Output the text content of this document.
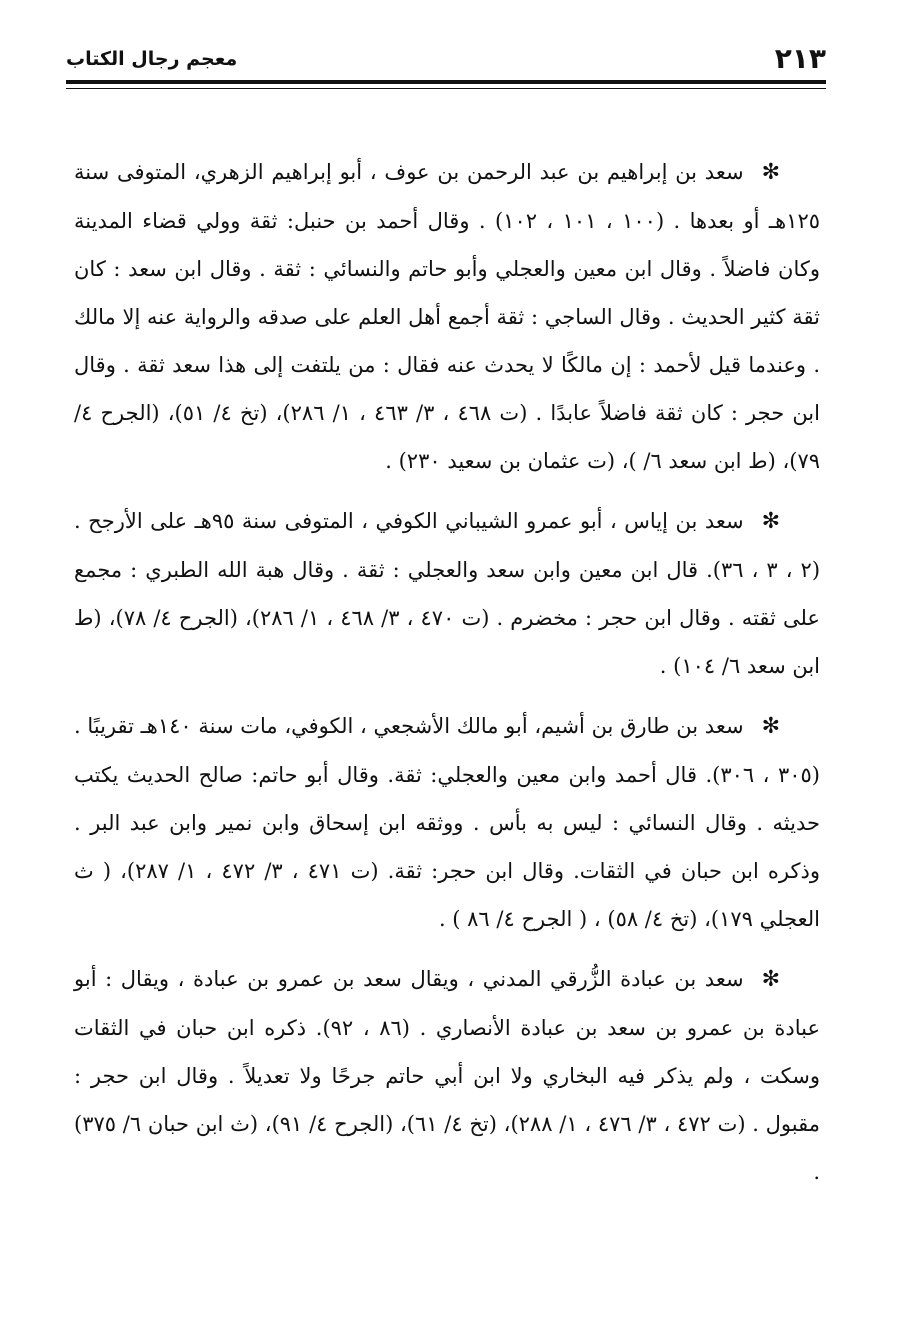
٢١٣
معجم رجال الكتاب

✻سعد بن إبراهيم بن عبد الرحمن بن عوف ، أبو إبراهيم الزهري، المتوفى سنة ١٢٥هـ أو بعدها . (١٠٠ ، ١٠١ ، ١٠٢) . وقال أحمد بن حنبل: ثقة وولي قضاء المدينة وكان فاضلاً . وقال ابن معين والعجلي وأبو حاتم والنسائي : ثقة . وقال ابن سعد : كان ثقة كثير الحديث . وقال الساجي : ثقة أجمع أهل العلم على صدقه والرواية عنه إلا مالك . وعندما قيل لأحمد : إن مالكًا لا يحدث عنه فقال : من يلتفت إلى هذا سعد ثقة . وقال ابن حجر : كان ثقة فاضلاً عابدًا . (ت ٤٦٨ ، ٣/ ٤٦٣ ، ١/ ٢٨٦)، (تخ ٤/ ٥١)، (الجرح ٤/ ٧٩)، (ط ابن سعد ٦/ )، (ت عثمان بن سعيد ٢٣٠) .

✻سعد بن إياس ، أبو عمرو الشيباني الكوفي ، المتوفى سنة ٩٥هـ على الأرجح . (٢ ، ٣ ، ٣٦). قال ابن معين وابن سعد والعجلي : ثقة . وقال هبة الله الطبري : مجمع على ثقته . وقال ابن حجر : مخضرم . (ت ٤٧٠ ، ٣/ ٤٦٨ ، ١/ ٢٨٦)، (الجرح ٤/ ٧٨)، (ط ابن سعد ٦/ ١٠٤) .

✻سعد بن طارق بن أشيم، أبو مالك الأشجعي ، الكوفي، مات سنة ١٤٠هـ تقريبًا . (٣٠٥ ، ٣٠٦). قال أحمد وابن معين والعجلي: ثقة. وقال أبو حاتم: صالح الحديث يكتب حديثه . وقال النسائي : ليس به بأس . ووثقه ابن إسحاق وابن نمير وابن عبد البر . وذكره ابن حبان في الثقات. وقال ابن حجر: ثقة. (ت ٤٧١ ، ٣/ ٤٧٢ ، ١/ ٢٨٧)، ( ث العجلي ١٧٩)، (تخ ٤/ ٥٨) ، ( الجرح ٤/ ٨٦ ) .

✻سعد بن عبادة الزُّرقي المدني ، ويقال سعد بن عمرو بن عبادة ، ويقال : أبو عبادة بن عمرو بن سعد بن عبادة الأنصاري . (٨٦ ، ٩٢). ذكره ابن حبان في الثقات وسكت ، ولم يذكر فيه البخاري ولا ابن أبي حاتم جرحًا ولا تعديلاً . وقال ابن حجر : مقبول . (ت ٤٧٢ ، ٣/ ٤٧٦ ، ١/ ٢٨٨)، (تخ ٤/ ٦١)، (الجرح ٤/ ٩١)، (ث ابن حبان ٦/ ٣٧٥) .
